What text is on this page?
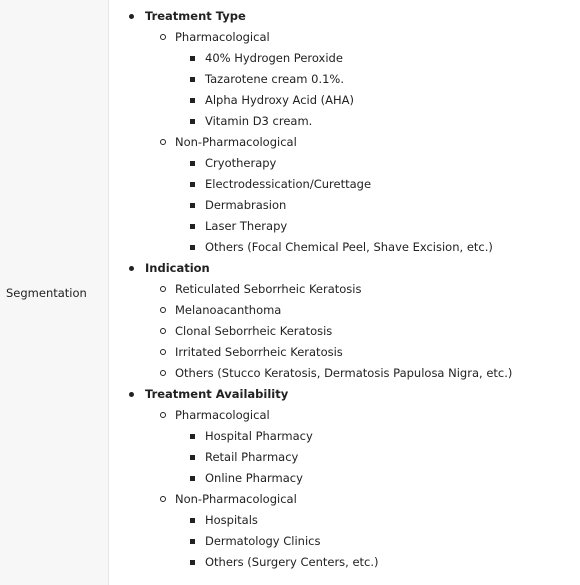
Segmentation
Treatment Type
Pharmacological
40% Hydrogen Peroxide
Tazarotene cream 0.1%.
Alpha Hydroxy Acid (AHA)
Vitamin D3 cream.
Non-Pharmacological
Cryotherapy
Electrodessication/Curettage
Dermabrasion
Laser Therapy
Others (Focal Chemical Peel, Shave Excision, etc.)
Indication
Reticulated Seborrheic Keratosis
Melanoacanthoma
Clonal Seborrheic Keratosis
Irritated Seborrheic Keratosis
Others (Stucco Keratosis, Dermatosis Papulosa Nigra, etc.)
Treatment Availability
Pharmacological
Hospital Pharmacy
Retail Pharmacy
Online Pharmacy
Non-Pharmacological
Hospitals
Dermatology Clinics
Others (Surgery Centers, etc.)
